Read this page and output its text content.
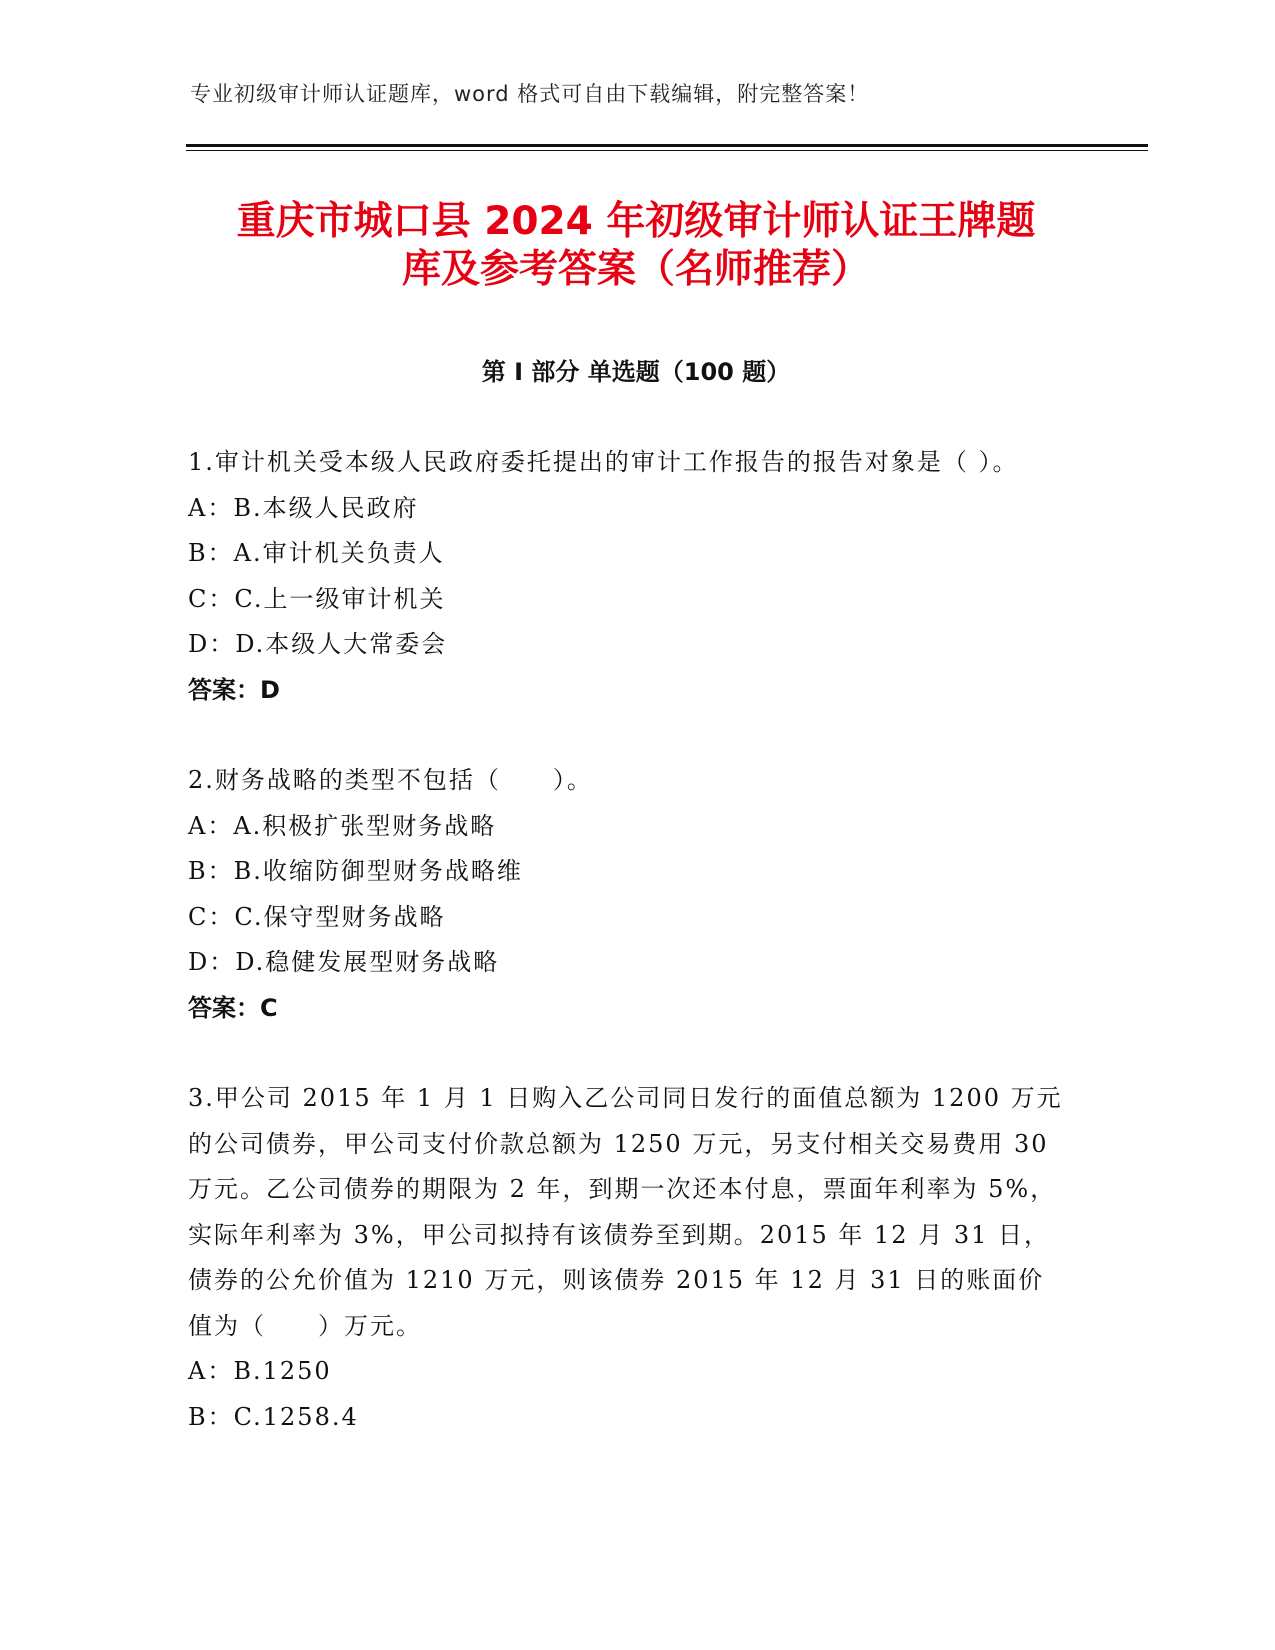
专业初级审计师认证题库，word 格式可自由下载编辑，附完整答案！
重庆市城口县 2024 年初级审计师认证王牌题
库及参考答案（名师推荐）
第 I 部分 单选题（100 题）

1.审计机关受本级人民政府委托提出的审计工作报告的报告对象是（ ）。

A：B.本级人民政府

B：A.审计机关负责人

C：C.上一级审计机关

D：D.本级人大常委会

答案：D

2.财务战略的类型不包括（　　）。

A：A.积极扩张型财务战略

B：B.收缩防御型财务战略维

C：C.保守型财务战略

D：D.稳健发展型财务战略

答案：C

3.甲公司 2015 年 1 月 1 日购入乙公司同日发行的面值总额为 1200 万元的公司债券，甲公司支付价款总额为 1250 万元，另支付相关交易费用 30 万元。乙公司债券的期限为 2 年，到期一次还本付息，票面年利率为 5%，实际年利率为 3%，甲公司拟持有该债券至到期。2015 年 12 月 31 日，债券的公允价值为 1210 万元，则该债券 2015 年 12 月 31 日的账面价值为（　　）万元。

A：B.1250

B：C.1258.4
